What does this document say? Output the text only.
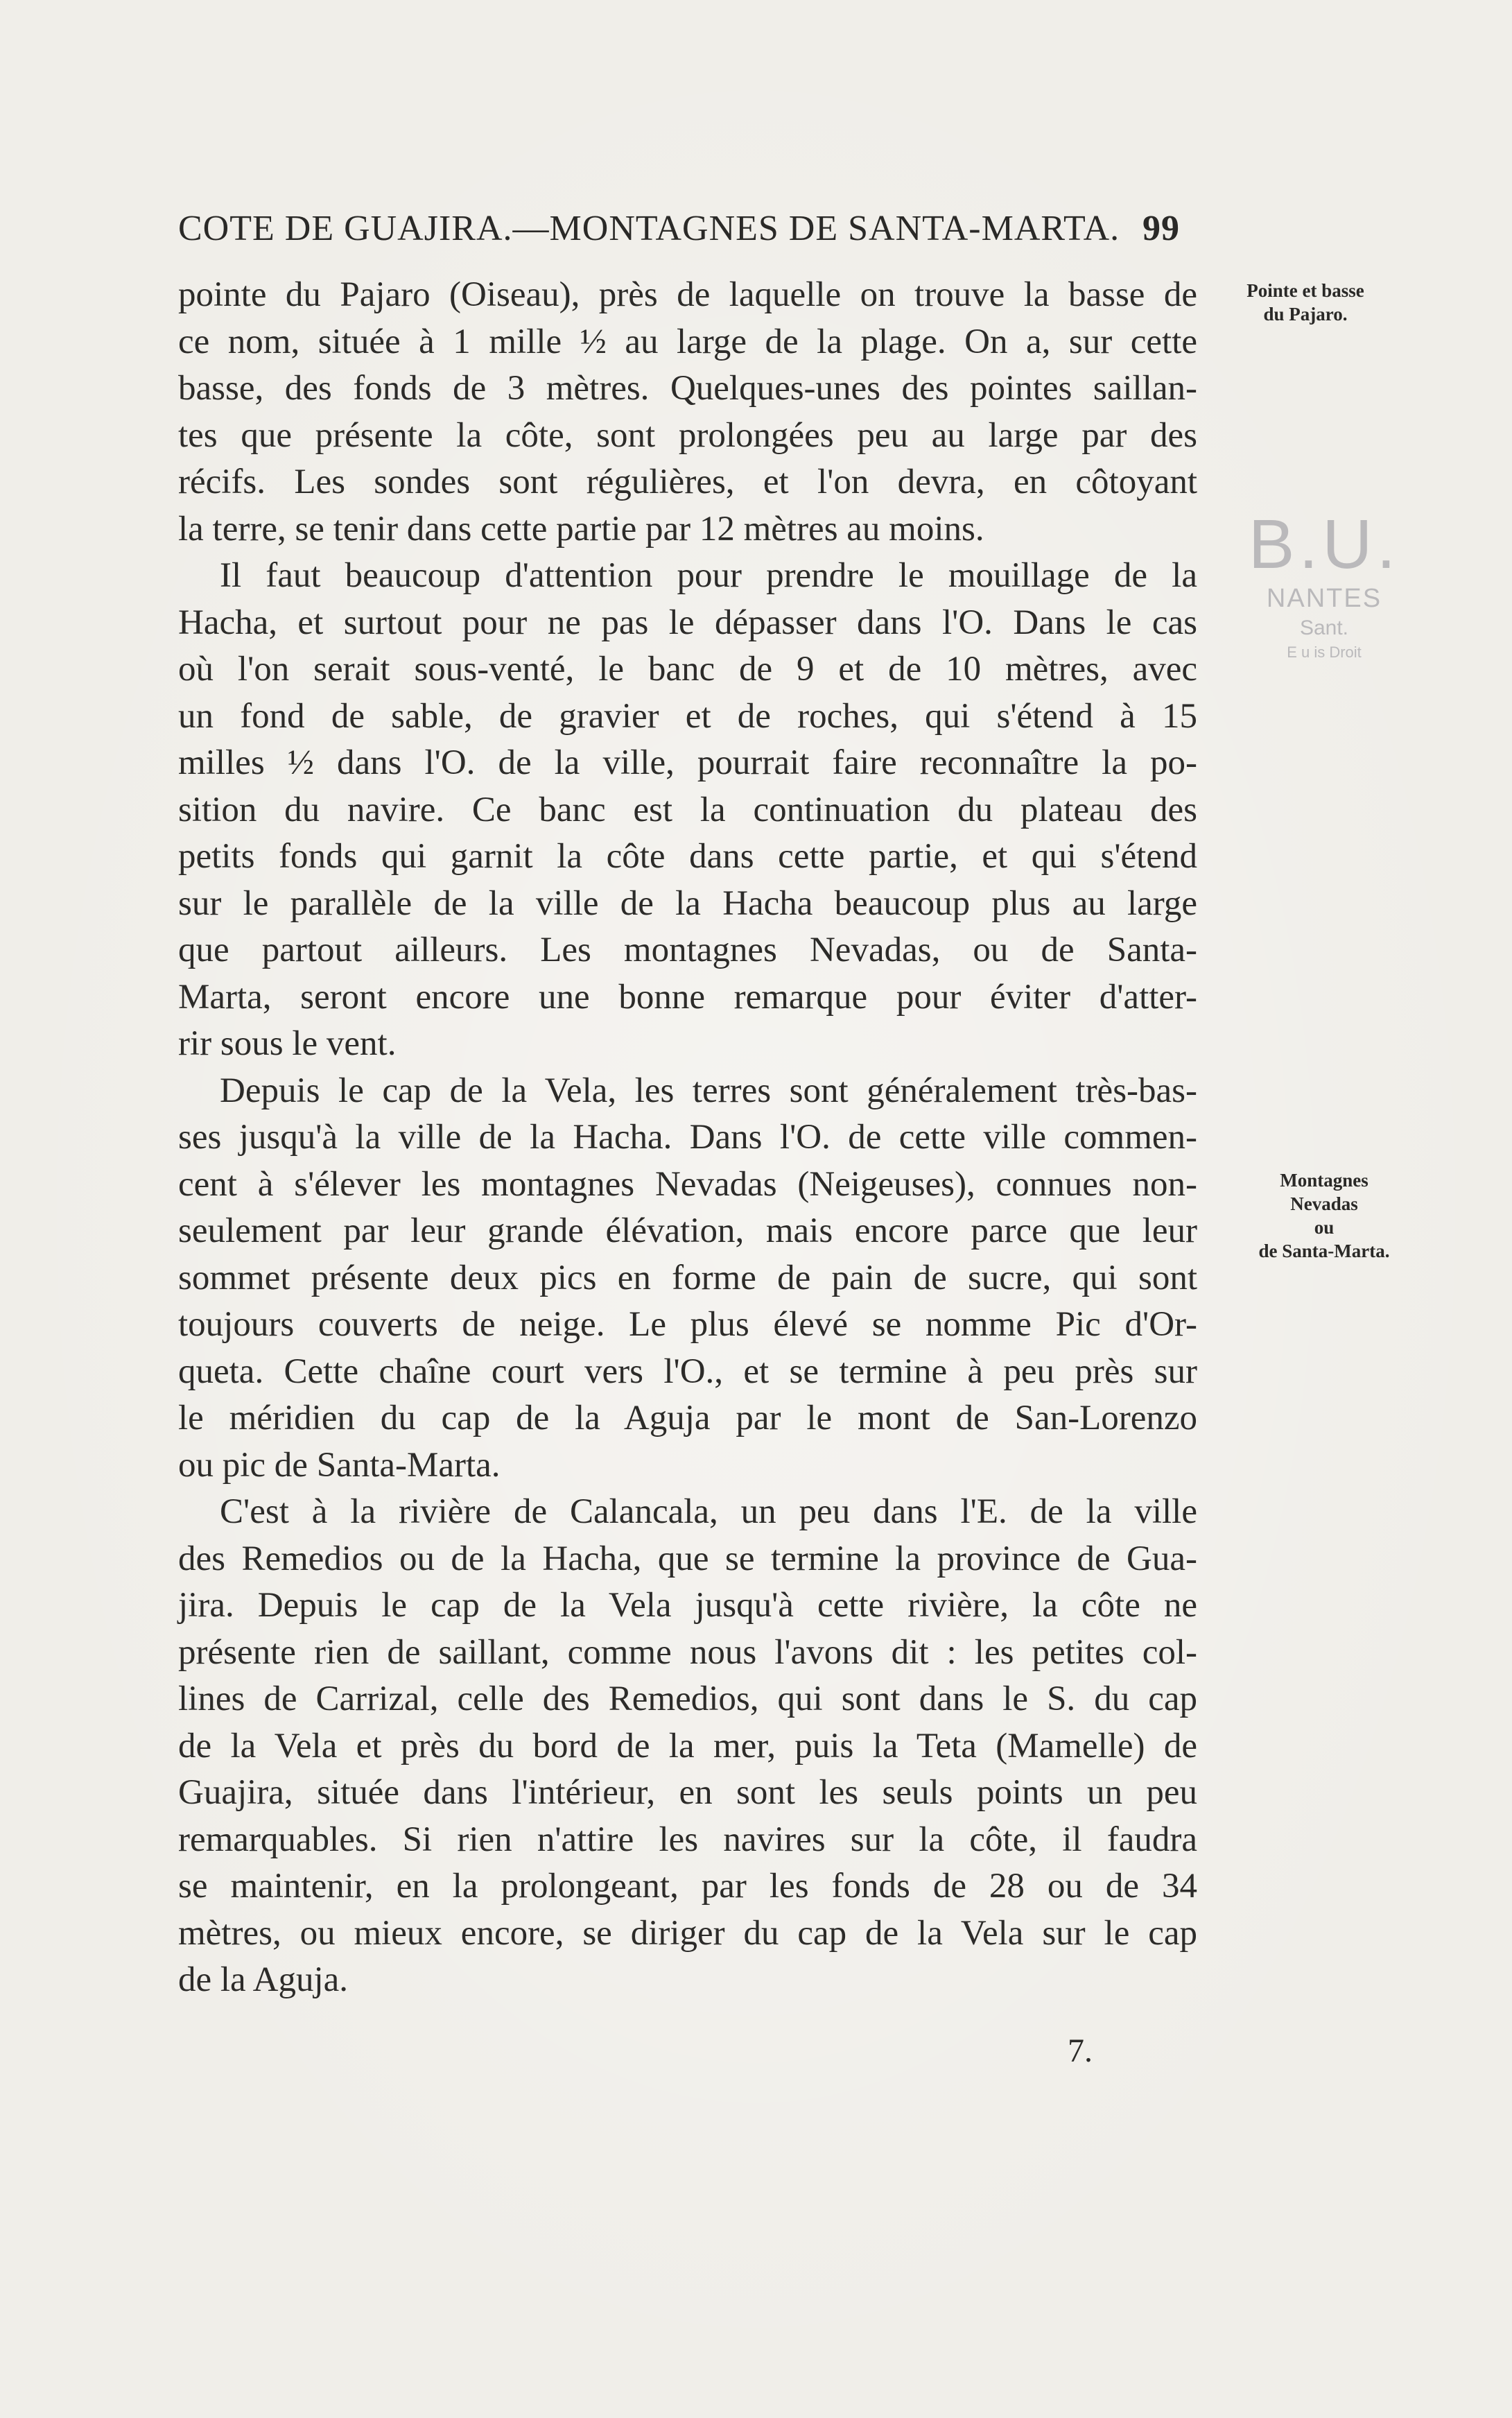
COTE DE GUAJIRA.—MONTAGNES DE SANTA-MARTA. 99
pointe du Pajaro (Oiseau), près de laquelle on trouve la basse de
ce nom, située à 1 mille ½ au large de la plage. On a, sur cette
basse, des fonds de 3 mètres. Quelques-unes des pointes saillan-
tes que présente la côte, sont prolongées peu au large par des
récifs. Les sondes sont régulières, et l'on devra, en côtoyant
la terre, se tenir dans cette partie par 12 mètres au moins.
Il faut beaucoup d'attention pour prendre le mouillage de la
Hacha, et surtout pour ne pas le dépasser dans l'O. Dans le cas
où l'on serait sous-venté, le banc de 9 et de 10 mètres, avec
un fond de sable, de gravier et de roches, qui s'étend à 15
milles ½ dans l'O. de la ville, pourrait faire reconnaître la po-
sition du navire. Ce banc est la continuation du plateau des
petits fonds qui garnit la côte dans cette partie, et qui s'étend
sur le parallèle de la ville de la Hacha beaucoup plus au large
que partout ailleurs. Les montagnes Nevadas, ou de Santa-
Marta, seront encore une bonne remarque pour éviter d'atter-
rir sous le vent.
Depuis le cap de la Vela, les terres sont généralement très-bas-
ses jusqu'à la ville de la Hacha. Dans l'O. de cette ville commen-
cent à s'élever les montagnes Nevadas (Neigeuses), connues non-
seulement par leur grande élévation, mais encore parce que leur
sommet présente deux pics en forme de pain de sucre, qui sont
toujours couverts de neige. Le plus élevé se nomme Pic d'Or-
queta. Cette chaîne court vers l'O., et se termine à peu près sur
le méridien du cap de la Aguja par le mont de San-Lorenzo
ou pic de Santa-Marta.
C'est à la rivière de Calancala, un peu dans l'E. de la ville
des Remedios ou de la Hacha, que se termine la province de Gua-
jira. Depuis le cap de la Vela jusqu'à cette rivière, la côte ne
présente rien de saillant, comme nous l'avons dit : les petites col-
lines de Carrizal, celle des Remedios, qui sont dans le S. du cap
de la Vela et près du bord de la mer, puis la Teta (Mamelle) de
Guajira, située dans l'intérieur, en sont les seuls points un peu
remarquables. Si rien n'attire les navires sur la côte, il faudra
se maintenir, en la prolongeant, par les fonds de 28 ou de 34
mètres, ou mieux encore, se diriger du cap de la Vela sur le cap
de la Aguja.
Pointe et basse
du Pajaro.
B.U.
NANTES
Sant.
E u is Droit
Montagnes
Nevadas
ou
de Santa-Marta.
7.
